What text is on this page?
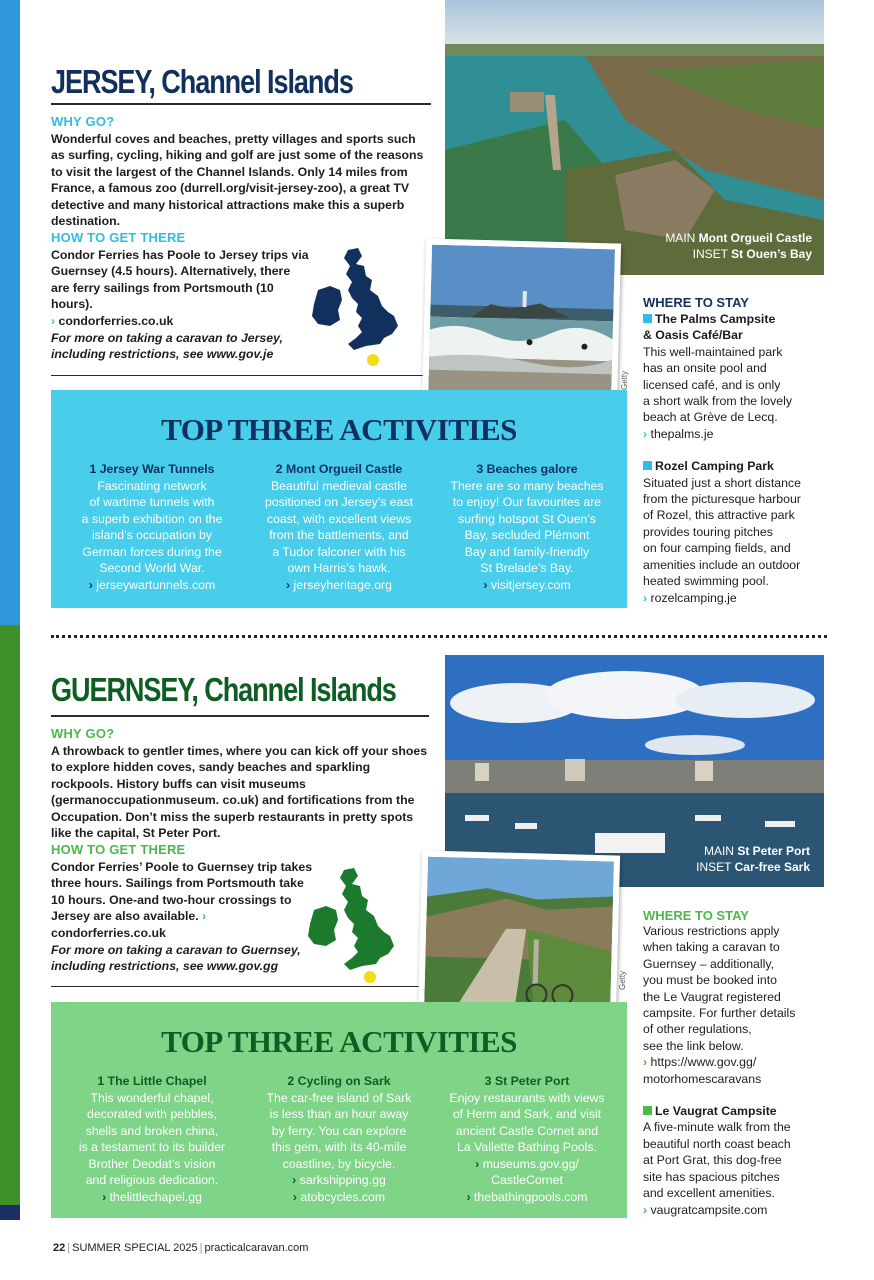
JERSEY, Channel Islands
WHY GO?
Wonderful coves and beaches, pretty villages and sports such as surfing, cycling, hiking and golf are just some of the reasons to visit the largest of the Channel Islands. Only 14 miles from France, a famous zoo (durrell.org/visit-jersey-zoo), a great TV detective and many historical attractions make this a superb destination.
HOW TO GET THERE
Condor Ferries has Poole to Jersey trips via Guernsey (4.5 hours). Alternatively, there are ferry sailings from Portsmouth (10 hours).
› condorferries.co.uk
For more on taking a caravan to Jersey, including restrictions, see www.gov.je
MAIN Mont Orgueil Castle
INSET St Ouen’s Bay
Getty
TOP THREE ACTIVITIES
1 Jersey War Tunnels
Fascinating network
of wartime tunnels with
a superb exhibition on the
island’s occupation by
German forces during the
Second World War.
› jerseywartunnels.com
2 Mont Orgueil Castle
Beautiful medieval castle
positioned on Jersey’s east
coast, with excellent views
from the battlements, and
a Tudor falconer with his
own Harris’s hawk.
› jerseyheritage.org
3 Beaches galore
There are so many beaches
to enjoy! Our favourites are
surfing hotspot St Ouen’s
Bay, secluded Plémont
Bay and family-friendly
St Brelade’s Bay.
› visitjersey.com
WHERE TO STAY
The Palms Campsite
& Oasis Café/Bar
This well-maintained park
has an onsite pool and
licensed café, and is only
a short walk from the lovely
beach at Grève de Lecq.
› thepalms.je
Rozel Camping Park
Situated just a short distance
from the picturesque harbour
of Rozel, this attractive park
provides touring pitches
on four camping fields, and
amenities include an outdoor
heated swimming pool.
› rozelcamping.je
GUERNSEY, Channel Islands
WHY GO?
A throwback to gentler times, where you can kick off your shoes to explore hidden coves, sandy beaches and sparkling rockpools. History buffs can visit museums (germanoccupationmuseum. co.uk) and fortifications from the Occupation. Don’t miss the superb restaurants in pretty spots like the capital, St Peter Port.
HOW TO GET THERE
Condor Ferries’ Poole to Guernsey trip takes three hours. Sailings from Portsmouth take 10 hours. One-and two-hour crossings to Jersey are also available. › condorferries.co.uk
For more on taking a caravan to Guernsey, including restrictions, see www.gov.gg
MAIN St Peter Port
INSET Car-free Sark
Getty
TOP THREE ACTIVITIES
1 The Little Chapel
This wonderful chapel,
decorated with pebbles,
shells and broken china,
is a testament to its builder
Brother Deodat’s vision
and religious dedication.
› thelittlechapel.gg
2 Cycling on Sark
The car-free island of Sark
is less than an hour away
by ferry. You can explore
this gem, with its 40-mile
coastline, by bicycle.
› sarkshipping.gg
› atobcycles.com
3 St Peter Port
Enjoy restaurants with views
of Herm and Sark, and visit
ancient Castle Cornet and
La Vallette Bathing Pools.
› museums.gov.gg/
CastleCornet
› thebathingpools.com
WHERE TO STAY
Various restrictions apply
when taking a caravan to
Guernsey – additionally,
you must be booked into
the Le Vaugrat registered
campsite. For further details
of other regulations,
see the link below.
› https://www.gov.gg/
motorhomescaravans
Le Vaugrat Campsite
A five-minute walk from the
beautiful north coast beach
at Port Grat, this dog-free
site has spacious pitches
and excellent amenities.
› vaugratcampsite.com
22 | SUMMER SPECIAL 2025 | practicalcaravan.com
